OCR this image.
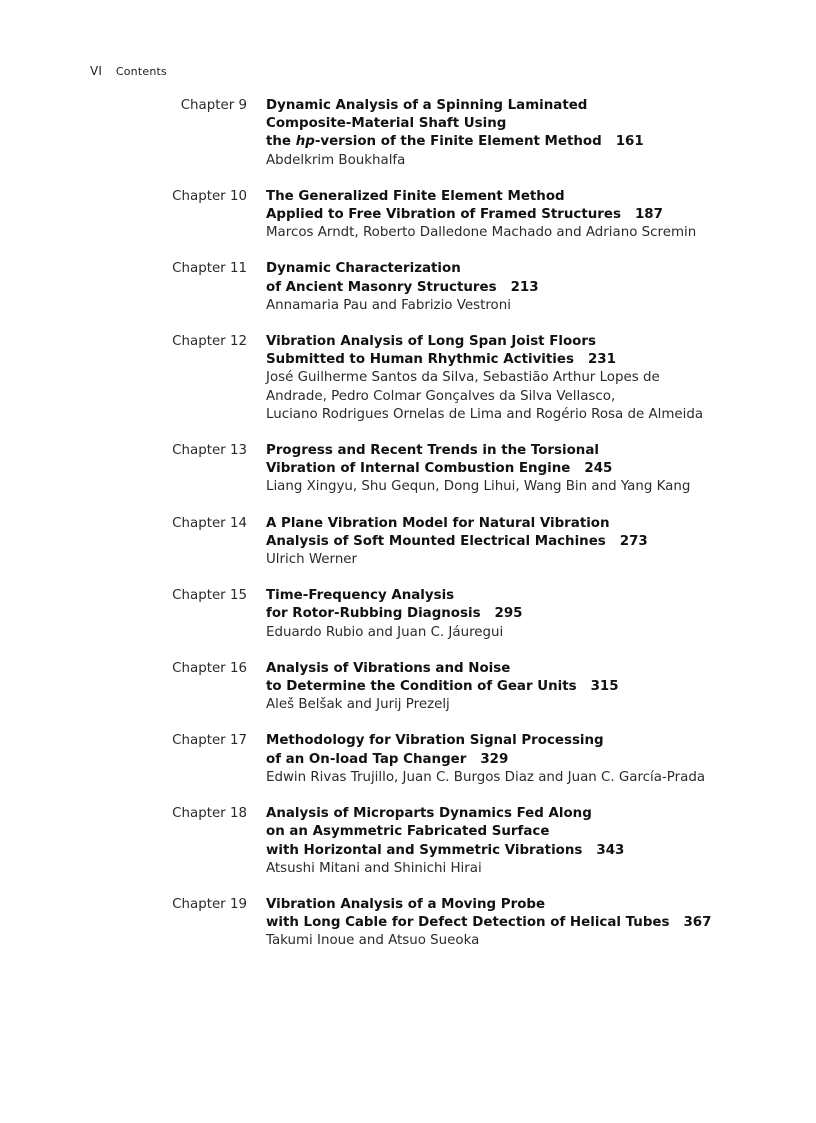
VI Contents
Chapter 9 Dynamic Analysis of a Spinning Laminated
Composite-Material Shaft Using
the hp-version of the Finite Element Method 161
Abdelkrim Boukhalfa
Chapter 10 The Generalized Finite Element Method
Applied to Free Vibration of Framed Structures 187
Marcos Arndt, Roberto Dalledone Machado and Adriano Scremin
Chapter 11 Dynamic Characterization
of Ancient Masonry Structures 213
Annamaria Pau and Fabrizio Vestroni
Chapter 12 Vibration Analysis of Long Span Joist Floors
Submitted to Human Rhythmic Activities 231
José Guilherme Santos da Silva, Sebastião Arthur Lopes de
Andrade, Pedro Colmar Gonçalves da Silva Vellasco,
Luciano Rodrigues Ornelas de Lima and Rogério Rosa de Almeida
Chapter 13 Progress and Recent Trends in the Torsional
Vibration of Internal Combustion Engine 245
Liang Xingyu, Shu Gequn, Dong Lihui, Wang Bin and Yang Kang
Chapter 14 A Plane Vibration Model for Natural Vibration
Analysis of Soft Mounted Electrical Machines 273
Ulrich Werner
Chapter 15 Time-Frequency Analysis
for Rotor-Rubbing Diagnosis 295
Eduardo Rubio and Juan C. Jáuregui
Chapter 16 Analysis of Vibrations and Noise
to Determine the Condition of Gear Units 315
Aleš Belšak and Jurij Prezelj
Chapter 17 Methodology for Vibration Signal Processing
of an On-load Tap Changer 329
Edwin Rivas Trujillo, Juan C. Burgos Diaz and Juan C. García-Prada
Chapter 18 Analysis of Microparts Dynamics Fed Along
on an Asymmetric Fabricated Surface
with Horizontal and Symmetric Vibrations 343
Atsushi Mitani and Shinichi Hirai
Chapter 19 Vibration Analysis of a Moving Probe
with Long Cable for Defect Detection of Helical Tubes 367
Takumi Inoue and Atsuo Sueoka
